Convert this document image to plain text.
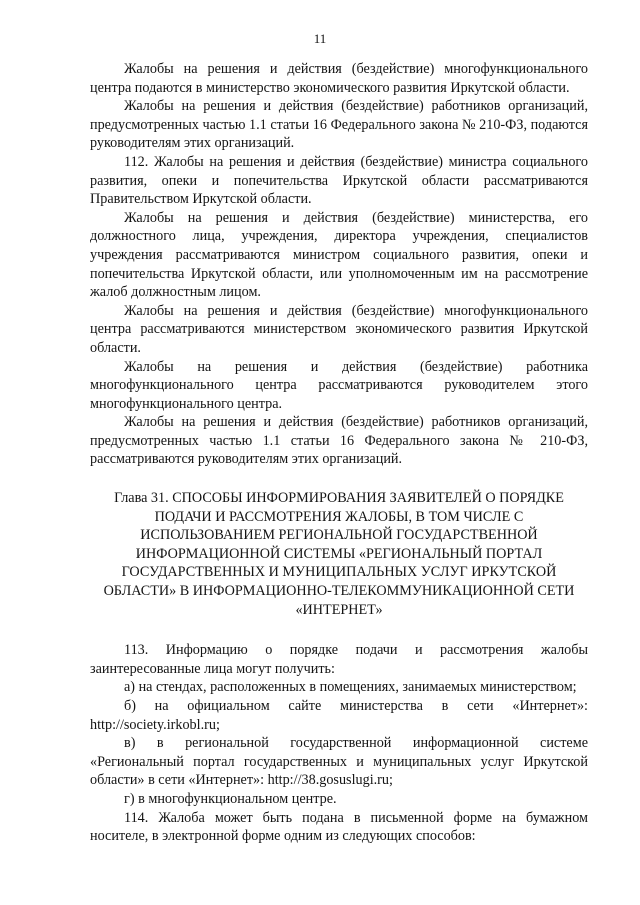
11

Жалобы на решения и действия (бездействие) многофункционального центра подаются в министерство экономического развития Иркутской области.

Жалобы на решения и действия (бездействие) работников организаций, предусмотренных частью 1.1 статьи 16 Федерального закона № 210-ФЗ, подаются руководителям этих организаций.

112. Жалобы на решения и действия (бездействие) министра социального развития, опеки и попечительства Иркутской области рассматриваются Правительством Иркутской области.

Жалобы на решения и действия (бездействие) министерства, его должностного лица, учреждения, директора учреждения, специалистов учреждения рассматриваются министром социального развития, опеки и попечительства Иркутской области, или уполномоченным им на рассмотрение жалоб должностным лицом.

Жалобы на решения и действия (бездействие) многофункционального центра рассматриваются министерством экономического развития Иркутской области.

Жалобы на решения и действия (бездействие) работника многофункционального центра рассматриваются руководителем этого многофункционального центра.

Жалобы на решения и действия (бездействие) работников организаций, предусмотренных частью 1.1 статьи 16 Федерального закона № 210-ФЗ, рассматриваются руководителям этих организаций.

Глава 31. СПОСОБЫ ИНФОРМИРОВАНИЯ ЗАЯВИТЕЛЕЙ О ПОРЯДКЕ ПОДАЧИ И РАССМОТРЕНИЯ ЖАЛОБЫ, В ТОМ ЧИСЛЕ С ИСПОЛЬЗОВАНИЕМ РЕГИОНАЛЬНОЙ ГОСУДАРСТВЕННОЙ ИНФОРМАЦИОННОЙ СИСТЕМЫ «РЕГИОНАЛЬНЫЙ ПОРТАЛ ГОСУДАРСТВЕННЫХ И МУНИЦИПАЛЬНЫХ УСЛУГ ИРКУТСКОЙ ОБЛАСТИ» В ИНФОРМАЦИОННО-ТЕЛЕКОММУНИКАЦИОННОЙ СЕТИ «ИНТЕРНЕТ»

113. Информацию о порядке подачи и рассмотрения жалобы заинтересованные лица могут получить:

а) на стендах, расположенных в помещениях, занимаемых министерством;

б) на официальном сайте министерства в сети «Интернет»: http://society.irkobl.ru;

в) в региональной государственной информационной системе «Региональный портал государственных и муниципальных услуг Иркутской области» в сети «Интернет»: http://38.gosuslugi.ru;

г) в многофункциональном центре.

114. Жалоба может быть подана в письменной форме на бумажном носителе, в электронной форме одним из следующих способов:
